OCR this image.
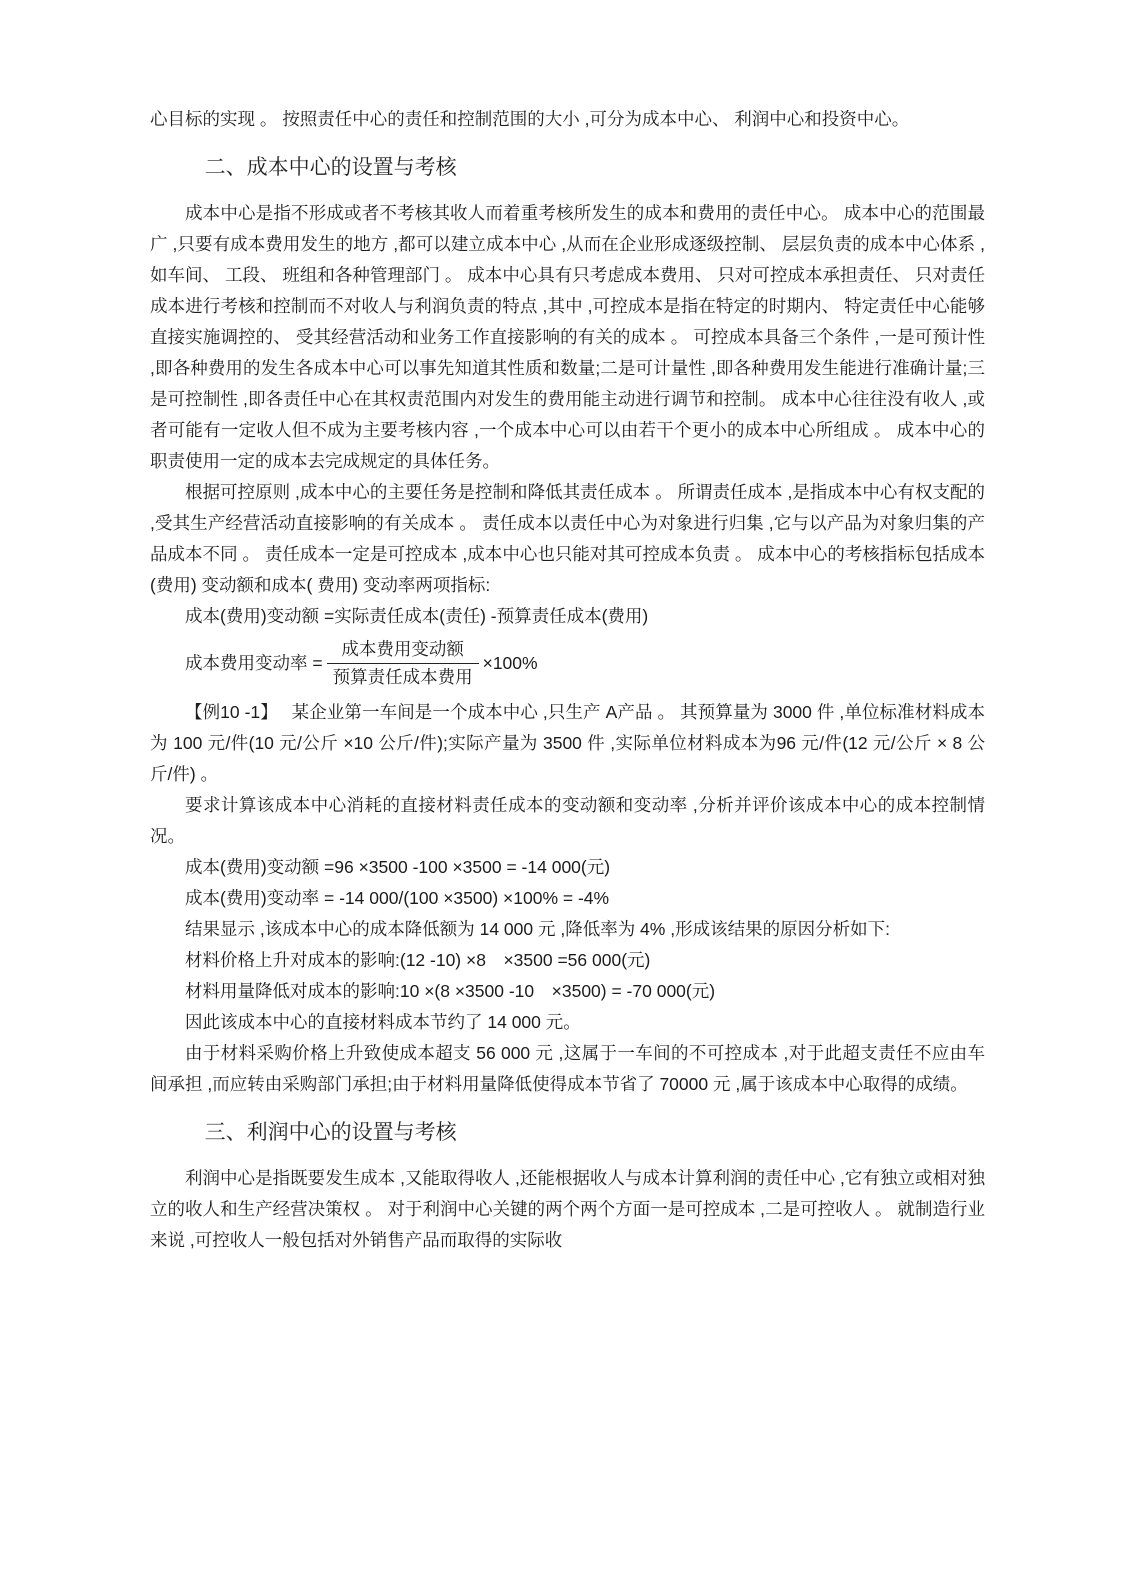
心目标的实现 。 按照责任中心的责任和控制范围的大小 ,可分为成本中心、 利润中心和投资中心。

二、成本中心的设置与考核

成本中心是指不形成或者不考核其收人而着重考核所发生的成本和费用的责任中心。 成本中心的范围最广 ,只要有成本费用发生的地方 ,都可以建立成本中心 ,从而在企业形成逐级控制、 层层负责的成本中心体系 ,如车间、 工段、 班组和各种管理部门 。 成本中心具有只考虑成本费用、 只对可控成本承担责任、 只对责任成本进行考核和控制而不对收人与利润负责的特点 ,其中 ,可控成本是指在特定的时期内、 特定责任中心能够直接实施调控的、 受其经营活动和业务工作直接影响的有关的成本 。 可控成本具备三个条件 ,一是可预计性 ,即各种费用的发生各成本中心可以事先知道其性质和数量;二是可计量性 ,即各种费用发生能进行准确计量;三是可控制性 ,即各责任中心在其权责范围内对发生的费用能主动进行调节和控制。 成本中心往往没有收人 ,或者可能有一定收人但不成为主要考核内容 ,一个成本中心可以由若干个更小的成本中心所组成 。 成本中心的职责使用一定的成本去完成规定的具体任务。

根据可控原则 ,成本中心的主要任务是控制和降低其责任成本 。 所谓责任成本 ,是指成本中心有权支配的 ,受其生产经营活动直接影响的有关成本 。 责任成本以责任中心为对象进行归集 ,它与以产品为对象归集的产品成本不同 。 责任成本一定是可控成本 ,成本中心也只能对其可控成本负责 。 成本中心的考核指标包括成本(费用) 变动额和成本( 费用) 变动率两项指标:

成本(费用)变动额 =实际责任成本(责任) -预算责任成本(费用)

成本费用变动率 = $\frac{\text{成本费用变动额}}{\text{预算责任成本费用}} \times 100\%$

【例10 -1】　 某企业第一车间是一个成本中心 ,只生产 A产品 。 其预算量为 3000 件 ,单位标准材料成本为 100 元/件(10 元/公斤 ×10 公斤/件);实际产量为 3500 件 ,实际单位材料成本为96 元/件(12 元/公斤 × 8 公斤/件) 。

要求计算该成本中心消耗的直接材料责任成本的变动额和变动率 ,分析并评价该成本中心的成本控制情况。

成本(费用)变动额 =96 ×3500 -100 ×3500 = -14 000(元)

成本(费用)变动率 = -14 000/(100 ×3500) ×100% = -4%

结果显示 ,该成本中心的成本降低额为 14 000 元 ,降低率为 4% ,形成该结果的原因分析如下:

材料价格上升对成本的影响:(12 -10) ×8　×3500 =56 000(元)

材料用量降低对成本的影响:10 ×(8 ×3500 -10　×3500) = -70 000(元)

因此该成本中心的直接材料成本节约了 14 000 元。

由于材料采购价格上升致使成本超支 56 000 元 ,这属于一车间的不可控成本 ,对于此超支责任不应由车间承担 ,而应转由采购部门承担;由于材料用量降低使得成本节省了 70000 元 ,属于该成本中心取得的成绩。

三、利润中心的设置与考核

利润中心是指既要发生成本 ,又能取得收人 ,还能根据收人与成本计算利润的责任中心 ,它有独立或相对独立的收人和生产经营决策权 。 对于利润中心关键的两个两个方面一是可控成本 ,二是可控收人 。 就制造行业来说 ,可控收人一般包括对外销售产品而取得的实际收
